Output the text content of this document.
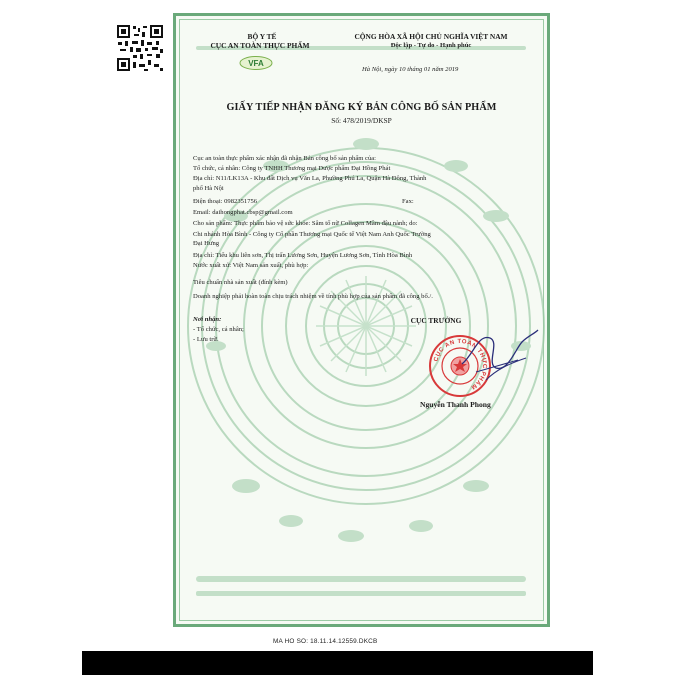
BỘ Y TẾ
CỤC AN TOÀN THỰC PHẨM
VFA
CỘNG HÒA XÃ HỘI CHỦ NGHĨA VIỆT NAM
Độc lập - Tự do - Hạnh phúc
Hà Nội, ngày 10 tháng 01 năm 2019
GIẤY TIẾP NHẬN ĐĂNG KÝ BẢN CÔNG BỐ SẢN PHẨM
Số: 478/2019/DKSP
Cục an toàn thực phẩm xác nhận đã nhận Bản công bố sản phẩm của:
Tổ chức, cá nhân: Công ty TNHH Thương mại Dược phẩm Đại Hồng Phát
Địa chỉ: N11/LK13A - Khu đất Dịch vụ Văn La, Phường Phú La, Quận Hà Đông, Thành
phố Hà Nội
Điện thoại: 0982351756	Fax:
Email: daihongphat.cbsp@gmail.com
Cho sản phẩm: Thực phẩm bảo vệ sức khỏe: Sâm tố nữ Collagen Mầm đậu nành; do:
Chi nhánh Hòa Bình - Công ty Cổ phần Thương mại Quốc tế Việt Nam Anh Quốc Trường
Đại Hưng
Địa chỉ: Tiểu khu liên sơn, Thị trấn Lương Sơn, Huyện Lương Sơn, Tỉnh Hòa Bình
Nước xuất xứ: Việt Nam sản xuất, phù hợp:
Tiêu chuẩn nhà sản xuất (đính kèm)
Doanh nghiệp phải hoàn toàn chịu trách nhiệm về tính phù hợp của sản phẩm đã công bố./.
Nơi nhận:
- Tổ chức, cá nhân;
- Lưu trữ.
CỤC TRƯỞNG
CỤC AN TOÀN THỰC PHẨM
Nguyễn Thanh Phong
MA HO SO: 18.11.14.12559.DKCB
